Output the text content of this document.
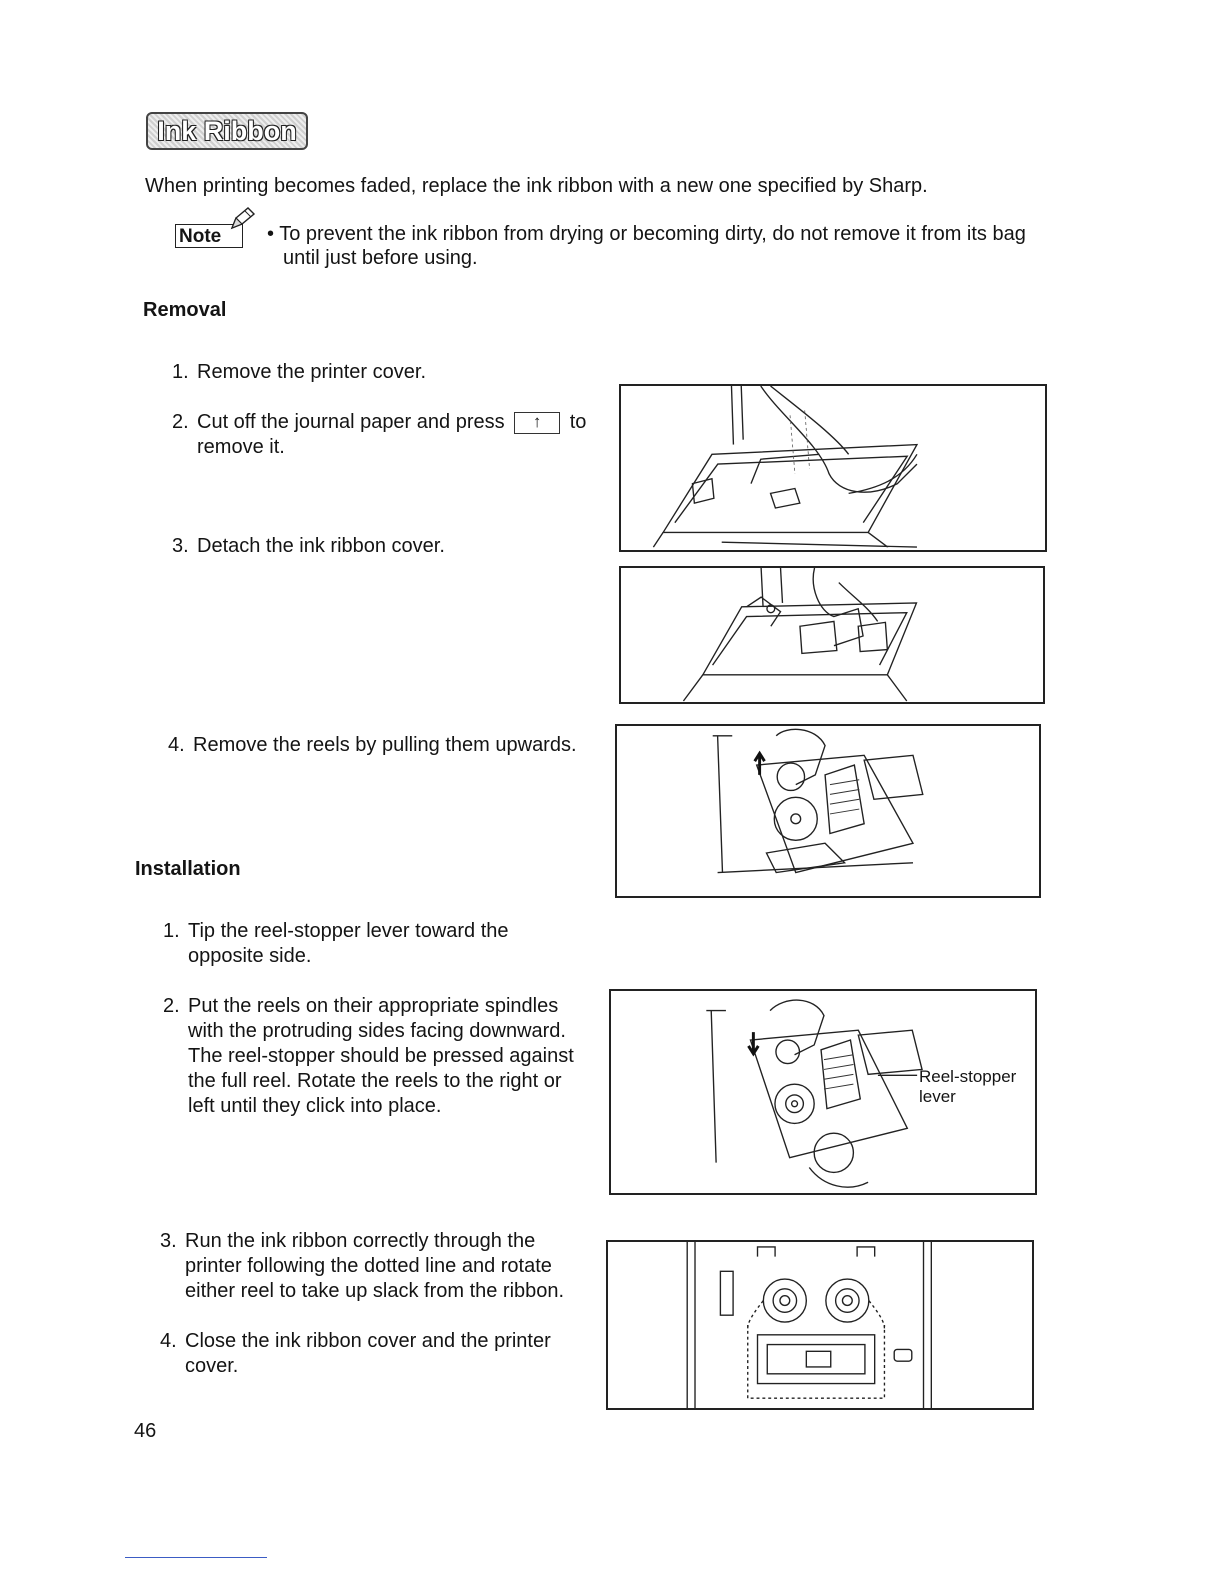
Ink Ribbon
When printing becomes faded, replace the ink ribbon with a new one specified by Sharp.
Note	• To prevent the ink ribbon from drying or becoming dirty, do not remove it from its bag until just before using.
Removal
1. Remove the printer cover.
2. Cut off the journal paper and press ↑ to remove it.
3. Detach the ink ribbon cover.
4. Remove the reels by pulling them upwards.
Installation
1. Tip the reel-stopper lever toward the opposite side.
2. Put the reels on their appropriate spindles with the protruding sides facing downward. The reel-stopper should be pressed against the full reel. Rotate the reels to the right or left until they click into place.
3. Run the ink ribbon correctly through the printer following the dotted line and rotate either reel to take up slack from the ribbon.
4. Close the ink ribbon cover and the printer cover.
Reel-stopper lever
46
